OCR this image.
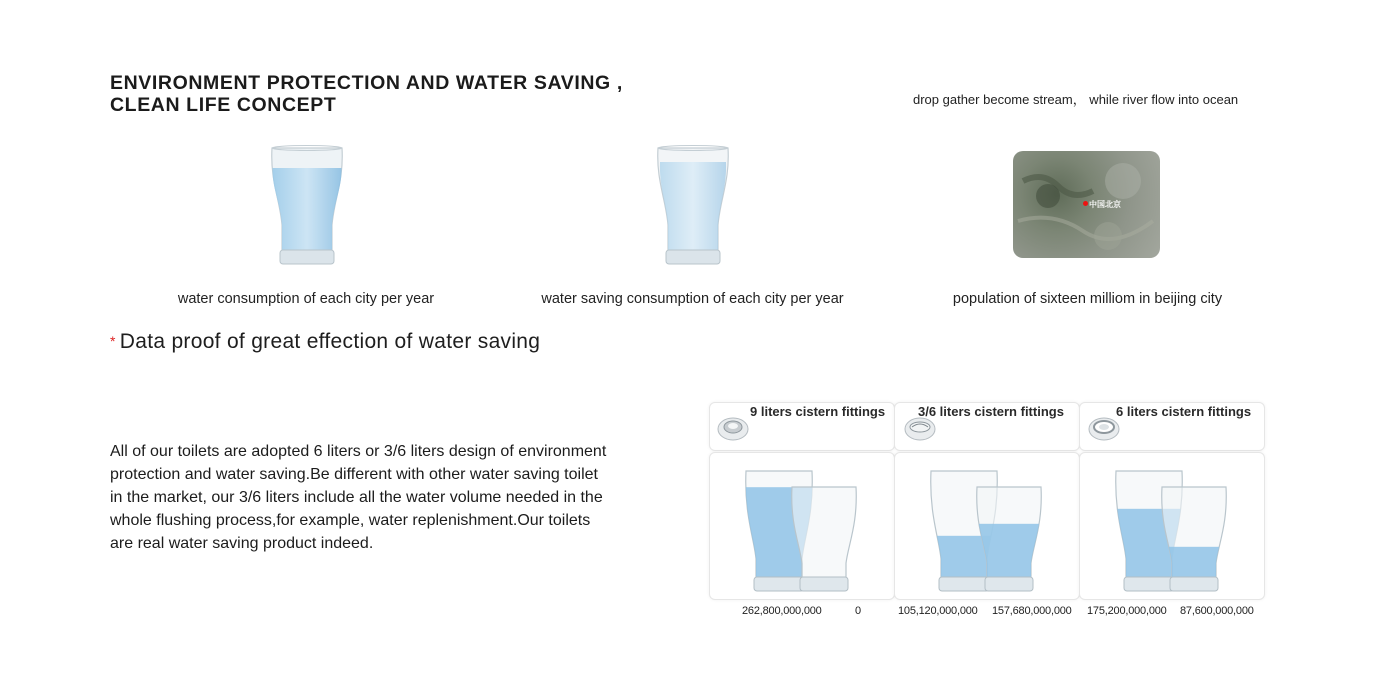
ENVIRONMENT PROTECTION AND WATER SAVING ,
CLEAN LIFE CONCEPT	drop gather become stream， while river flow into ocean
中国北京
water consumption of each city per year	water saving consumption of each city per year	population of sixteen milliom in beijing city
* Data proof of great effection of water saving
All of our toilets are adopted 6 liters or 3/6 liters design of environment
protection and water saving.Be different with other water saving toilet
in the market, our 3/6 liters include all the water volume needed in the
whole flushing process,for example, water replenishment.Our toilets
are real water saving product indeed.
9 liters cistern fittings	3/6 liters cistern fittings	6 liters cistern fittings
262,800,000,000	0	105,120,000,000 157,680,000,000 175,200,000,000 87,600,000,000
